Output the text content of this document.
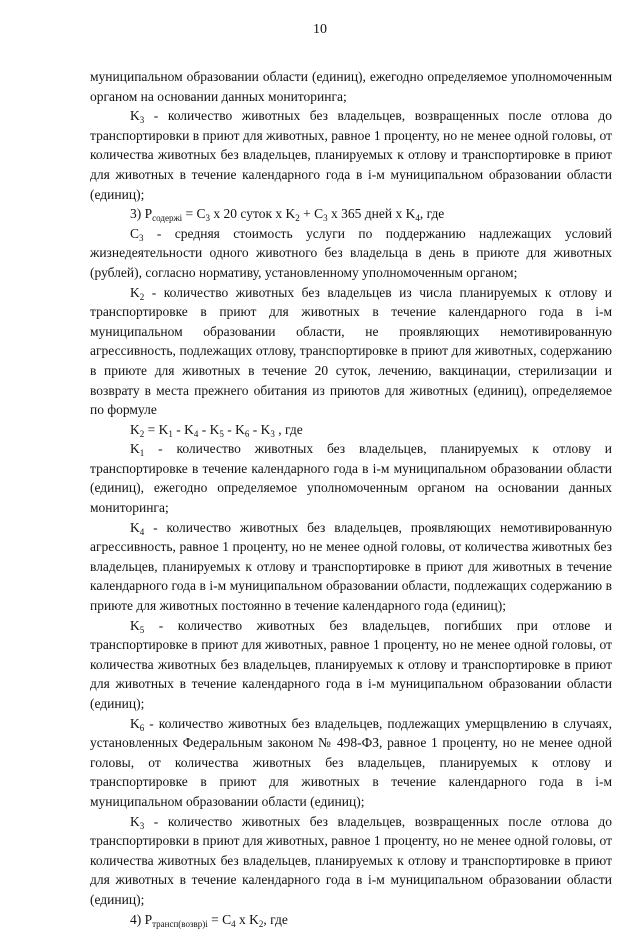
10

муниципальном образовании области (единиц), ежегодно определяемое уполномоченным органом на основании данных мониторинга;

$K_3$ - количество животных без владельцев, возвращенных после отлова до транспортировки в приют для животных, равное 1 проценту, но не менее одной головы, от количества животных без владельцев, планируемых к отлову и транспортировке в приют для животных в течение календарного года в i-м муниципальном образовании области (единиц);

3) $P_{содержi} = C_3$ х 20 суток х $K_2 + C_3$ х 365 дней х $K_4$, где

$C_3$ - средняя стоимость услуги по поддержанию надлежащих условий жизнедеятельности одного животного без владельца в день в приюте для животных (рублей), согласно нормативу, установленному уполномоченным органом;

$K_2$ - количество животных без владельцев из числа планируемых к отлову и транспортировке в приют для животных в течение календарного года в i-м муниципальном образовании области, не проявляющих немотивированную агрессивность, подлежащих отлову, транспортировке в приют для животных, содержанию в приюте для животных в течение 20 суток, лечению, вакцинации, стерилизации и возврату в места прежнего обитания из приютов для животных (единиц), определяемое по формуле

$K_2 = K_1 - K_4 - K_5 - K_6 - K_3$ , где

$K_1$ - количество животных без владельцев, планируемых к отлову и транспортировке в течение календарного года в i-м муниципальном образовании области (единиц), ежегодно определяемое уполномоченным органом на основании данных мониторинга;

$K_4$ - количество животных без владельцев, проявляющих немотивированную агрессивность, равное 1 проценту, но не менее одной головы, от количества животных без владельцев, планируемых к отлову и транспортировке в приют для животных в течение календарного года в i-м муниципальном образовании области, подлежащих содержанию в приюте для животных постоянно в течение календарного года (единиц);

$K_5$ - количество животных без владельцев, погибших при отлове и транспортировке в приют для животных, равное 1 проценту, но не менее одной головы, от количества животных без владельцев, планируемых к отлову и транспортировке в приют для животных в течение календарного года в i-м муниципальном образовании области (единиц);

$K_6$ - количество животных без владельцев, подлежащих умерщвлению в случаях, установленных Федеральным законом № 498-ФЗ, равное 1 проценту, но не менее одной головы, от количества животных без владельцев, планируемых к отлову и транспортировке в приют для животных в течение календарного года в i-м муниципальном образовании области (единиц);

$K_3$ - количество животных без владельцев, возвращенных после отлова до транспортировки в приют для животных, равное 1 проценту, но не менее одной головы, от количества животных без владельцев, планируемых к отлову и транспортировке в приют для животных в течение календарного года в i-м муниципальном образовании области (единиц);

4) $P_{трансп(возвр)i} = C_4$ х $K_2$, где
